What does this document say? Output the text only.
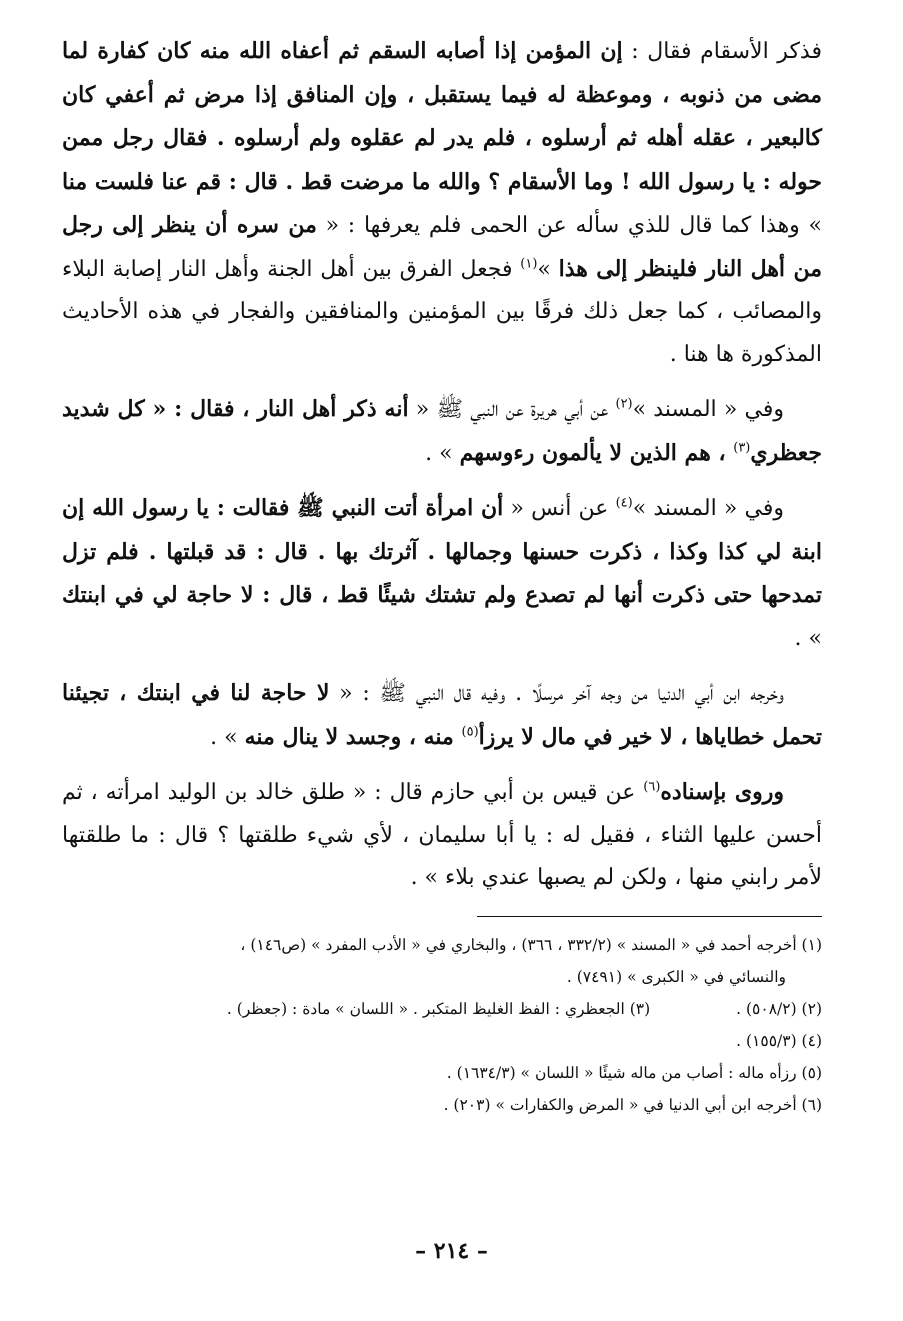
فذكر الأسقام فقال : إن المؤمن إذا أصابه السقم ثم أعفاه الله منه كان كفارة لما مضى من ذنوبه ، وموعظة له فيما يستقبل ، وإن المنافق إذا مرض ثم أعفي كان كالبعير ، عقله أهله ثم أرسلوه ، فلم يدر لم عقلوه ولم أرسلوه . فقال رجل ممن حوله : يا رسول الله ! وما الأسقام ؟ والله ما مرضت قط . قال : قم عنا فلست منا » وهذا كما قال للذي سأله عن الحمى فلم يعرفها : « من سره أن ينظر إلى رجل من أهل النار فلينظر إلى هذا »$^{(١)}$ فجعل الفرق بين أهل الجنة وأهل النار إصابة البلاء والمصائب ، كما جعل ذلك فرقًا بين المؤمنين والمنافقين والفجار في هذه الأحاديث المذكورة ها هنا .

وفي « المسند »$^{(٢)}$ عن أبي هريرة عن النبي ﷺ « أنه ذكر أهل النار ، فقال : « كل شديد جعظري$^{(٣)}$ ، هم الذين لا يألمون رءوسهم » .

وفي « المسند »$^{(٤)}$ عن أنس « أن امرأة أتت النبي ﷺ فقالت : يا رسول الله إن ابنة لي كذا وكذا ، ذكرت حسنها وجمالها . آثرتك بها . قال : قد قبلتها . فلم تزل تمدحها حتى ذكرت أنها لم تصدع ولم تشتك شيئًا قط ، قال : لا حاجة لي في ابنتك » .

وخرجه ابن أبي الدنيا من وجه آخر مرسلًا . وفيه قال النبي ﷺ : « لا حاجة لنا في ابنتك ، تجيئنا تحمل خطاياها ، لا خير في مال لا يرزأ$^{(٥)}$ منه ، وجسد لا ينال منه » .

وروى بإسناده$^{(٦)}$ عن قيس بن أبي حازم قال : « طلق خالد بن الوليد امرأته ، ثم أحسن عليها الثناء ، فقيل له : يا أبا سليمان ، لأي شيء طلقتها ؟ قال : ما طلقتها لأمر رابني منها ، ولكن لم يصبها عندي بلاء » .

(١) أخرجه أحمد في « المسند » (٣٣٢/٢ ، ٣٦٦) ، والبخاري في « الأدب المفرد » (ص١٤٦) ،

والنسائي في « الكبرى » (٧٤٩١) .

(٢) (٥٠٨/٢) .(٣) الجعظري : الفظ الغليظ المتكبر . « اللسان » مادة : (جعظر) .

(٤) (١٥٥/٣) .

(٥) رزأه ماله : أصاب من ماله شيئًا « اللسان » (١٦٣٤/٣) .

(٦) أخرجه ابن أبي الدنيا في « المرض والكفارات » (٢٠٣) .

– ٢١٤ –
